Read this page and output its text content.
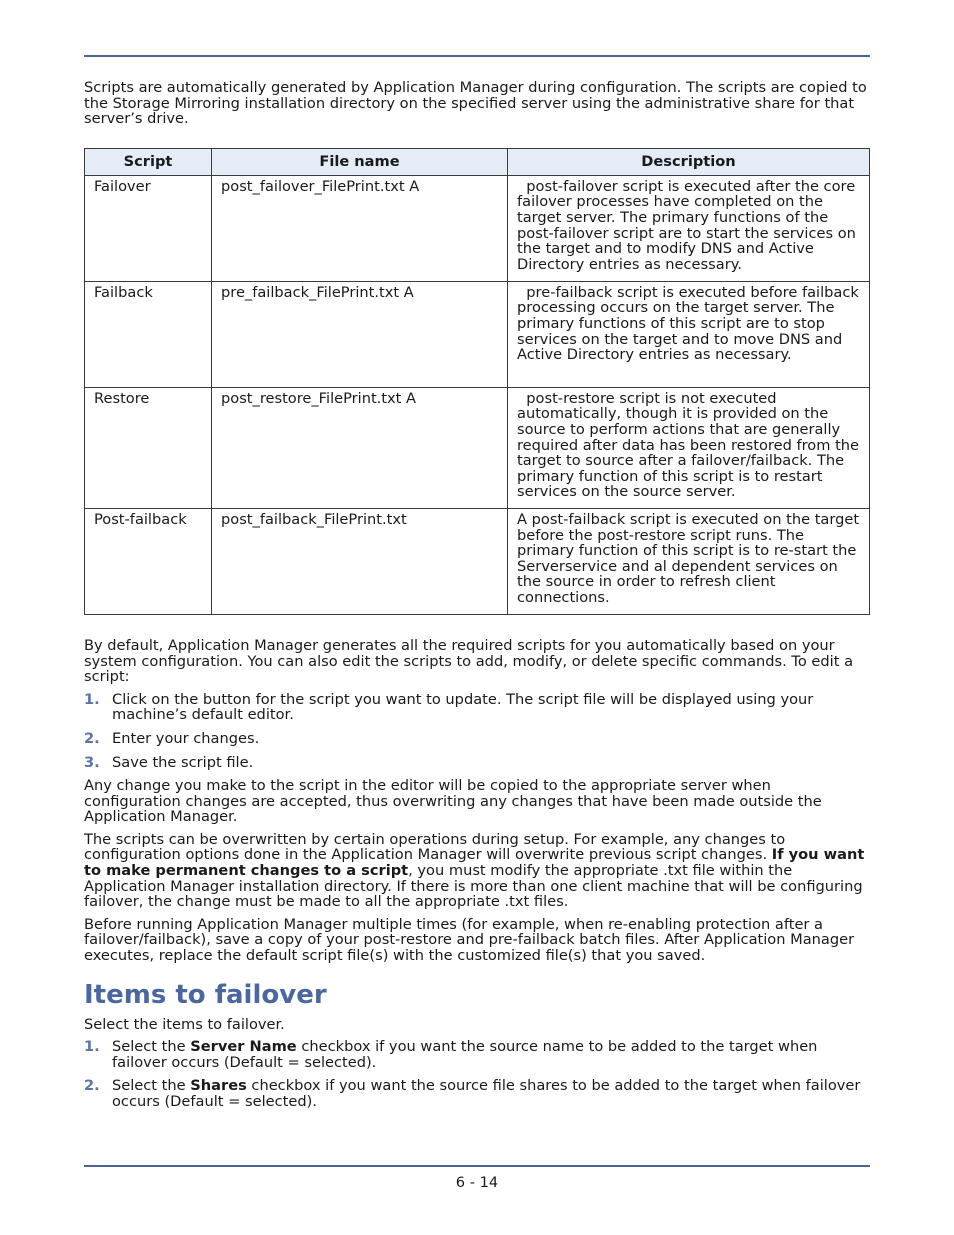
Scripts are automatically generated by Application Manager during configuration. The scripts are copied to the Storage Mirroring installation directory on the specified server using the administrative share for that server’s drive.

Script	File name	Description
Failover	post_failover_FilePrint.txt A	post-failover script is executed after the core failover processes have completed on the target server. The primary functions of the post-failover script are to start the services on the target and to modify DNS and Active Directory entries as necessary.
Failback	pre_failback_FilePrint.txt A	pre-failback script is executed before failback processing occurs on the target server. The primary functions of this script are to stop services on the target and to move DNS and Active Directory entries as necessary.
Restore	post_restore_FilePrint.txt A	post-restore script is not executed automatically, though it is provided on the source to perform actions that are generally required after data has been restored from the target to source after a failover/failback. The primary function of this script is to restart services on the source server.
Post-failback	post_failback_FilePrint.txt	A post-failback script is executed on the target before the post-restore script runs. The primary function of this script is to re-start the Serverservice and al dependent services on the source in order to refresh client connections.

By default, Application Manager generates all the required scripts for you automatically based on your system configuration. You can also edit the scripts to add, modify, or delete specific commands. To edit a script:

1. Click on the button for the script you want to update. The script file will be displayed using your machine’s default editor.
2. Enter your changes.
3. Save the script file.

Any change you make to the script in the editor will be copied to the appropriate server when configuration changes are accepted, thus overwriting any changes that have been made outside the Application Manager.

The scripts can be overwritten by certain operations during setup. For example, any changes to configuration options done in the Application Manager will overwrite previous script changes. If you want to make permanent changes to a script, you must modify the appropriate .txt file within the Application Manager installation directory. If there is more than one client machine that will be configuring failover, the change must be made to all the appropriate .txt files.

Before running Application Manager multiple times (for example, when re-enabling protection after a failover/failback), save a copy of your post-restore and pre-failback batch files. After Application Manager executes, replace the default script file(s) with the customized file(s) that you saved.

Items to failover

Select the items to failover.

1. Select the Server Name checkbox if you want the source name to be added to the target when failover occurs (Default = selected).
2. Select the Shares checkbox if you want the source file shares to be added to the target when failover occurs (Default = selected).
6 - 14
